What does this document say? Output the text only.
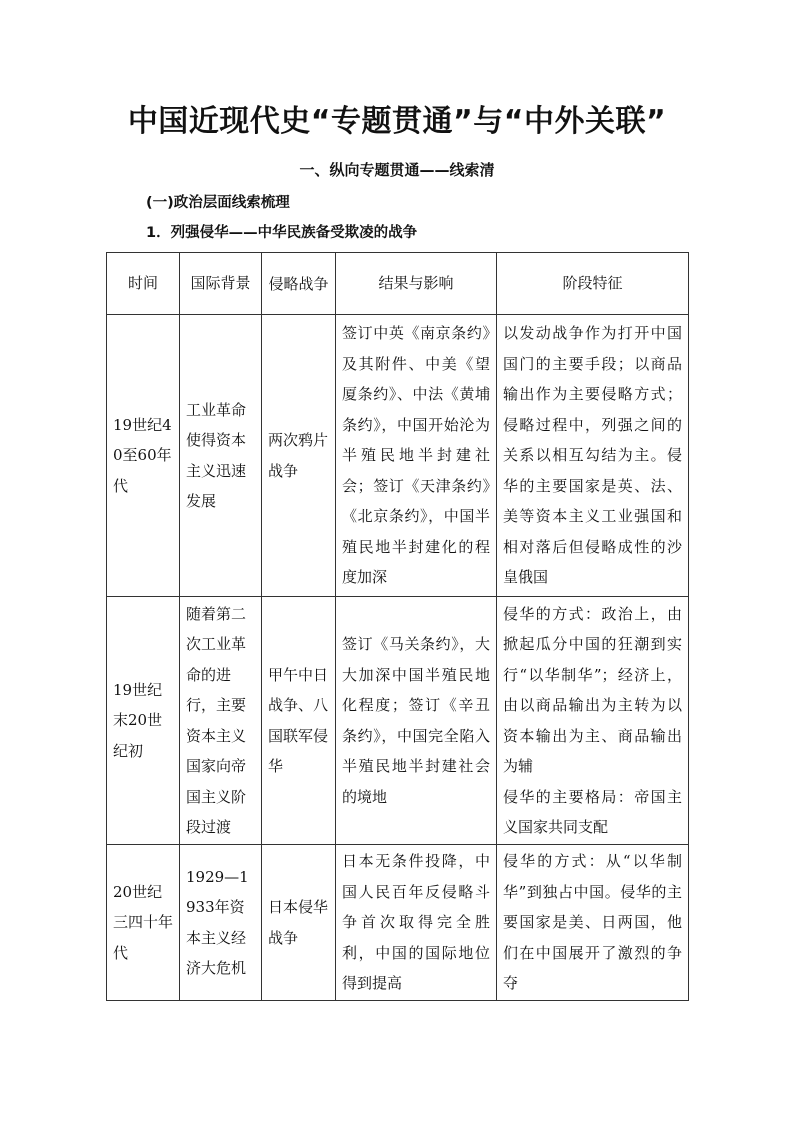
中国近现代史“专题贯通”与“中外关联”
一、纵向专题贯通——线索清
(一)政治层面线索梳理
1．列强侵华——中华民族备受欺凌的战争
时间	国际背景	侵略战争	结果与影响	阶段特征
19世纪40至60年代	工业革命使得资本主义迅速发展	两次鸦片战争	签订中英《南京条约》及其附件、中美《望厦条约》、中法《黄埔条约》，中国开始沦为半殖民地半封建社会；签订《天津条约》《北京条约》，中国半殖民地半封建化的程度加深	以发动战争作为打开中国国门的主要手段；以商品输出作为主要侵略方式；侵略过程中，列强之间的关系以相互勾结为主。侵华的主要国家是英、法、美等资本主义工业强国和相对落后但侵略成性的沙皇俄国
19世纪末20世纪初	随着第二次工业革命的进行，主要资本主义国家向帝国主义阶段过渡	甲午中日战争、八国联军侵华	签订《马关条约》，大大加深中国半殖民地化程度；签订《辛丑条约》，中国完全陷入半殖民地半封建社会的境地	侵华的方式：政治上，由掀起瓜分中国的狂潮到实行“以华制华”；经济上，由以商品输出为主转为以资本输出为主、商品输出为辅
侵华的主要格局：帝国主义国家共同支配

20世纪三四十年代	1929—1933年资本主义经济大危机	日本侵华战争	日本无条件投降，中国人民百年反侵略斗争首次取得完全胜利，中国的国际地位得到提高	侵华的方式：从“以华制华”到独占中国。侵华的主要国家是美、日两国，他们在中国展开了激烈的争夺
